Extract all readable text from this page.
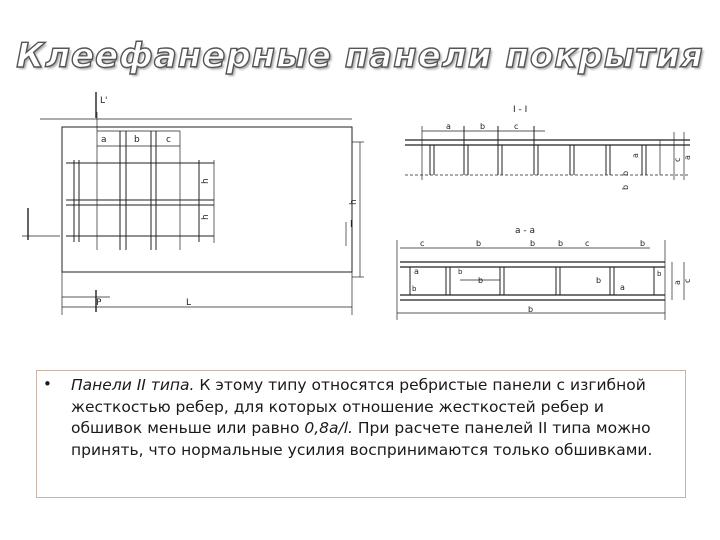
Клеефанерные панели покрытия
L'
a	b	c
h
h
h
l
P	L
I - I
a	b	c
a
b
c a
b
a - a
c	b	b	b	c	b
a
b
b
b
a
b
b
a c
b
• Панели II типа. К этому типу относятся ребристые панели с изгибной жесткостью ребер, для которых отношение жесткостей ребер и обшивок меньше или равно 0,8a/l. При расчете панелей II типа можно принять, что нормальные усилия воспринимаются только обшивками.
